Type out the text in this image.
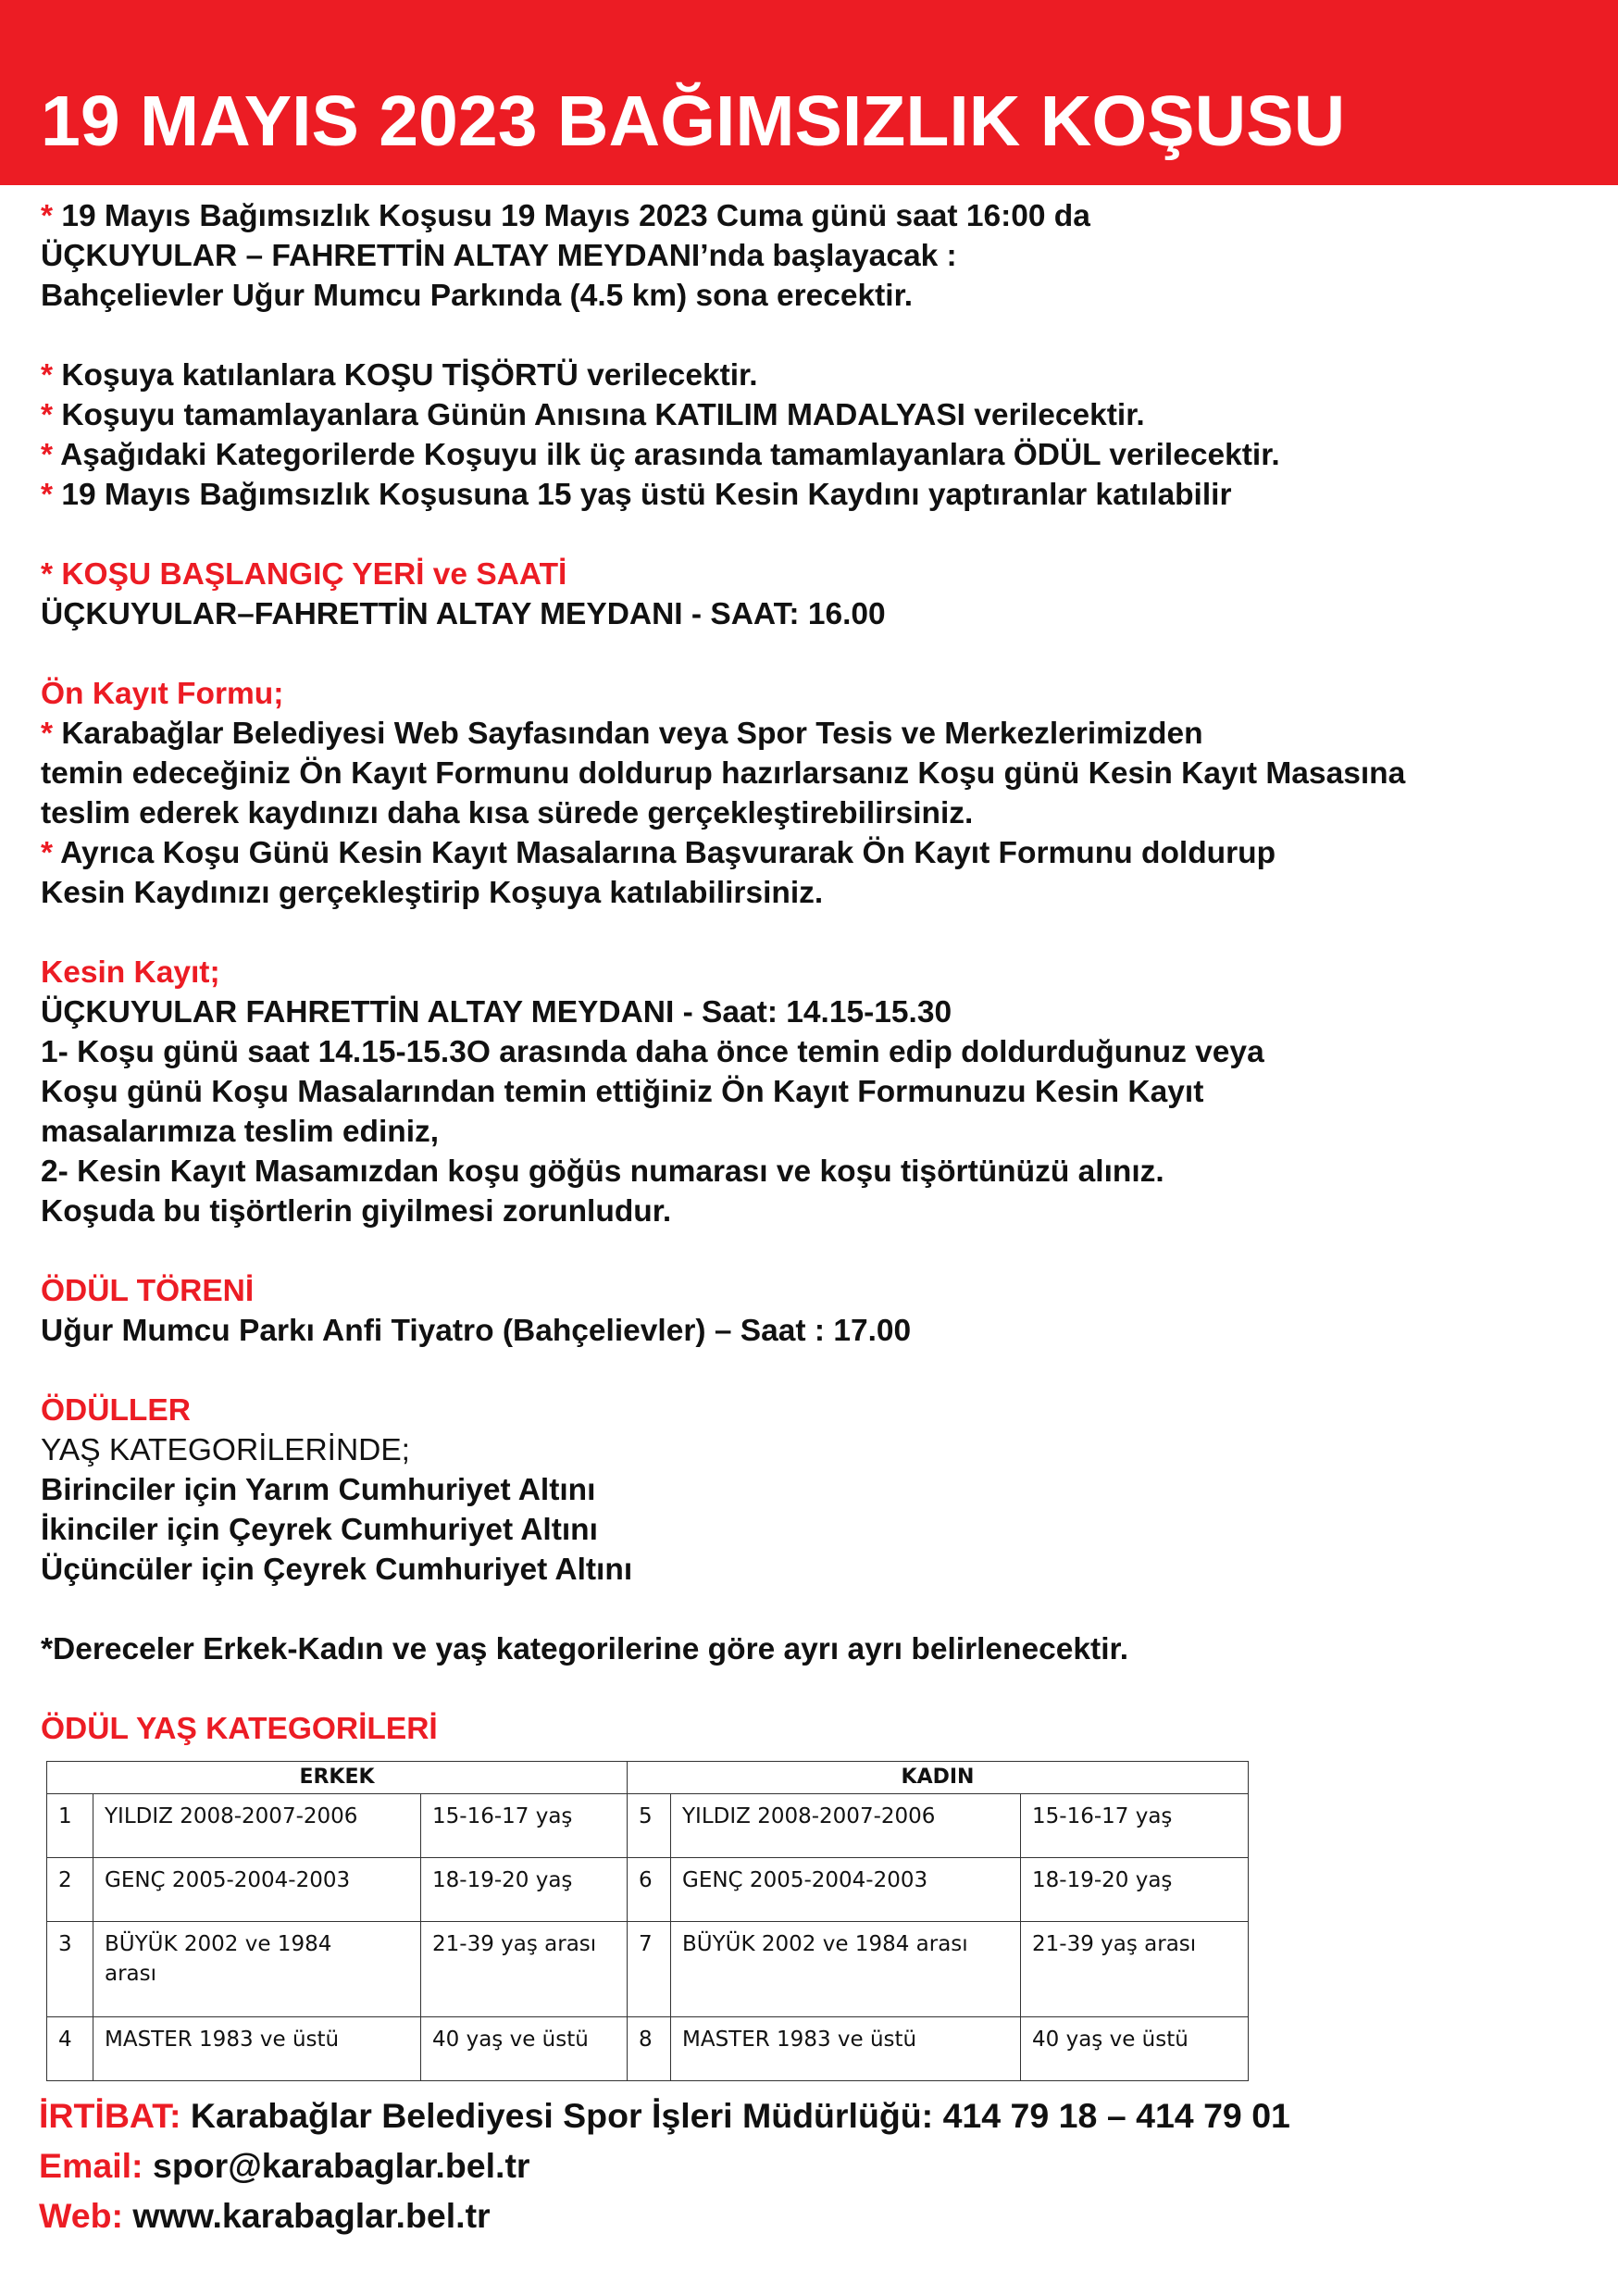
19 MAYIS 2023 BAĞIMSIZLIK KOŞUSU

* 19 Mayıs Bağımsızlık Koşusu 19 Mayıs 2023 Cuma günü saat 16:00 da

ÜÇKUYULAR – FAHRETTİN ALTAY MEYDANI’nda başlayacak :

Bahçelievler Uğur Mumcu Parkında (4.5 km) sona erecektir.

* Koşuya katılanlara KOŞU TİŞÖRTÜ verilecektir.

* Koşuyu tamamlayanlara Günün Anısına KATILIM MADALYASI verilecektir.

* Aşağıdaki Kategorilerde Koşuyu ilk üç arasında tamamlayanlara ÖDÜL verilecektir.

* 19 Mayıs Bağımsızlık Koşusuna 15 yaş üstü Kesin Kaydını yaptıranlar katılabilir

* KOŞU BAŞLANGIÇ YERİ ve SAATİ

ÜÇKUYULAR–FAHRETTİN ALTAY MEYDANI - SAAT: 16.00

Ön Kayıt Formu;

* Karabağlar Belediyesi Web Sayfasından veya Spor Tesis ve Merkezlerimizden

temin edeceğiniz Ön Kayıt Formunu doldurup hazırlarsanız Koşu günü Kesin Kayıt Masasına

teslim ederek kaydınızı daha kısa sürede gerçekleştirebilirsiniz.

* Ayrıca Koşu Günü Kesin Kayıt Masalarına Başvurarak Ön Kayıt Formunu doldurup

Kesin Kaydınızı gerçekleştirip Koşuya katılabilirsiniz.

Kesin Kayıt;

ÜÇKUYULAR FAHRETTİN ALTAY MEYDANI - Saat: 14.15-15.30

1- Koşu günü saat 14.15-15.3O arasında daha önce temin edip doldurduğunuz veya

Koşu günü Koşu Masalarından temin ettiğiniz Ön Kayıt Formunuzu Kesin Kayıt

masalarımıza teslim ediniz,

2- Kesin Kayıt Masamızdan koşu göğüs numarası ve koşu tişörtünüzü alınız.

Koşuda bu tişörtlerin giyilmesi zorunludur.

ÖDÜL TÖRENİ

Uğur Mumcu Parkı Anfi Tiyatro (Bahçelievler) – Saat : 17.00

ÖDÜLLER

YAŞ KATEGORİLERİNDE;

Birinciler için Yarım Cumhuriyet Altını

İkinciler için Çeyrek Cumhuriyet Altını

Üçüncüler için Çeyrek Cumhuriyet Altını

*Dereceler Erkek-Kadın ve yaş kategorilerine göre ayrı ayrı belirlenecektir.

ÖDÜL YAŞ KATEGORİLERİ

ERKEK			KADIN		
1	YILDIZ 2008-2007-2006	15-16-17 yaş	5	YILDIZ 2008-2007-2006	15-16-17 yaş
2	GENÇ 2005-2004-2003	18-19-20 yaş	6	GENÇ 2005-2004-2003	18-19-20 yaş
3	BÜYÜK 2002 ve 1984 arası	21-39 yaş arası	7	BÜYÜK 2002 ve 1984 arası	21-39 yaş arası
4	MASTER 1983 ve üstü	40 yaş ve üstü	8	MASTER 1983 ve üstü	40 yaş ve üstü

İRTİBAT: Karabağlar Belediyesi Spor İşleri Müdürlüğü: 414 79 18 – 414 79 01

Email: spor@karabaglar.bel.tr

Web: www.karabaglar.bel.tr
